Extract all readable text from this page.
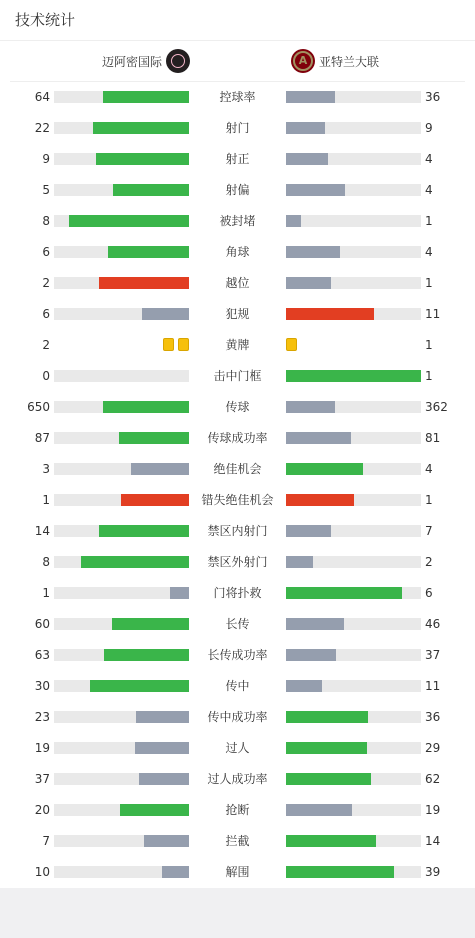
技术统计
迈阿密国际
A	亚特兰大联
64	控球率	36
22	射门	9
9	射正	4
5	射偏	4
8	被封堵	1
6	角球	4
2	越位	1
6	犯规	11
2	黄牌	1
0	击中门框	1
650	传球	362
87	传球成功率	81
3	绝佳机会	4
1	错失绝佳机会	1
14	禁区内射门	7
8	禁区外射门	2
1	门将扑救	6
60	长传	46
63	长传成功率	37
30	传中	11
23	传中成功率	36
19	过人	29
37	过人成功率	62
20	抢断	19
7	拦截	14
10	解围	39
